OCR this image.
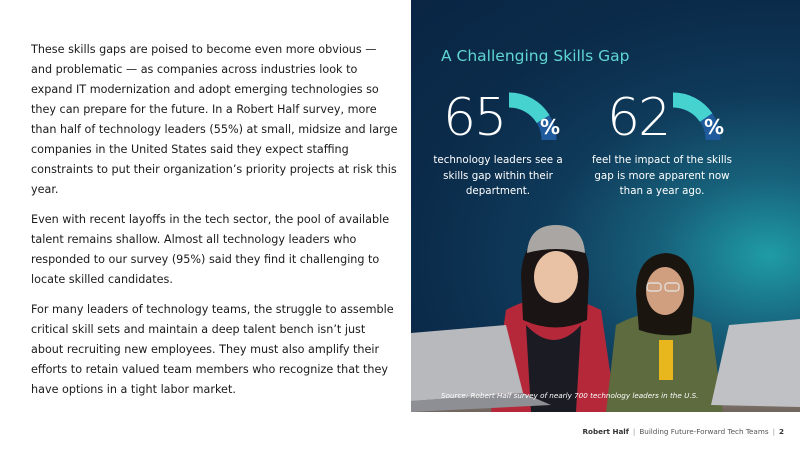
These skills gaps are poised to become even more obvious — and problematic — as companies across industries look to expand IT modernization and adopt emerging technologies so they can prepare for the future. In a Robert Half survey, more than half of technology leaders (55%) at small, midsize and large companies in the United States said they expect staffing constraints to put their organization’s priority projects at risk this year.

Even with recent layoffs in the tech sector, the pool of available talent remains shallow. Almost all technology leaders who responded to our survey (95%) said they find it challenging to locate skilled candidates.

For many leaders of technology teams, the struggle to assemble critical skill sets and maintain a deep talent bench isn’t just about recruiting new employees. They must also amplify their efforts to retain valued team members who recognize that they have options in a tight labor market.

A Challenging Skills Gap
65 %
technology leaders see a skills gap within their department.
62 %
feel the impact of the skills gap is more apparent now than a year ago.
Source: Robert Half survey of nearly 700 technology leaders in the U.S.
Robert Half | Building Future-Forward Tech Teams | 2
